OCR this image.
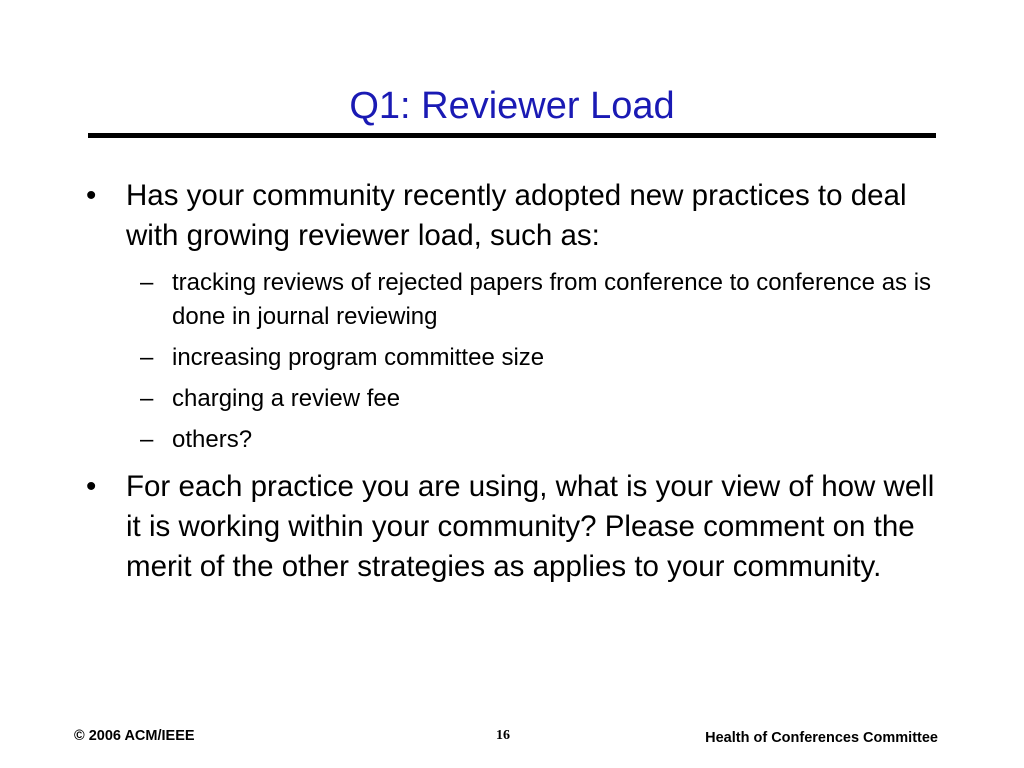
Q1: Reviewer Load
• Has your community recently adopted new practices to deal with growing reviewer load, such as:
– tracking reviews of rejected papers from conference to conference as is done in journal reviewing
– increasing program committee size
– charging a review fee
– others?
• For each practice you are using, what is your view of how well it is working within your community? Please comment on the merit of the other strategies as applies to your community.
© 2006 ACM/IEEE	16	Health of Conferences Committee
